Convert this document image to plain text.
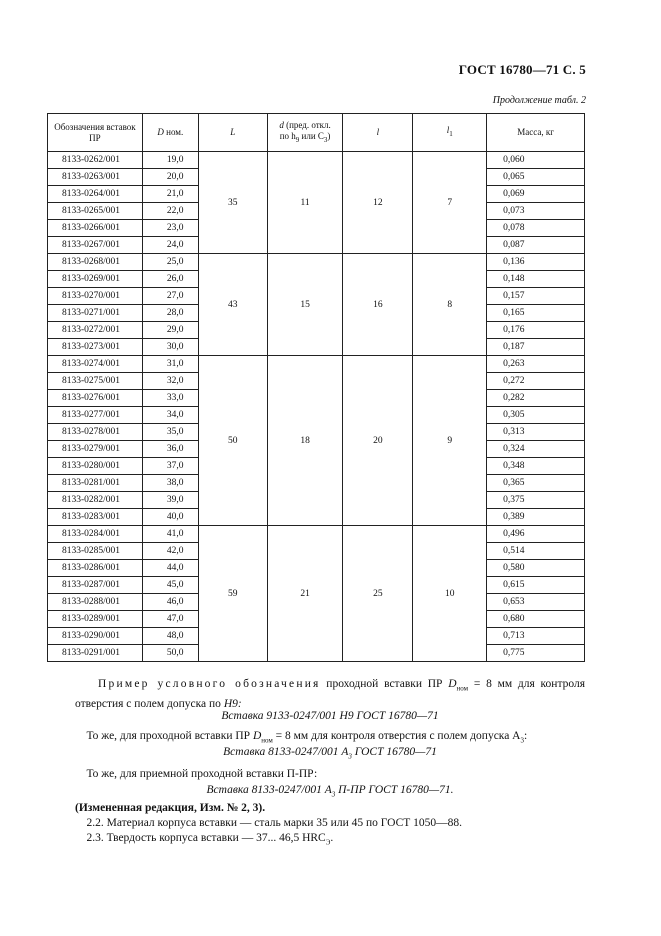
ГОСТ 16780—71 С. 5
Продолжение табл. 2
Обозначения вставок ПР	D ном.	L	d (пред. откл.
по $h_9$ или $С_3$)	l	$l_1$	Масса, кг
8133-0262/001	19,0	35	11	12	7	0,060
8133-0263/001	20,0					0,065
8133-0264/001	21,0					0,069
8133-0265/001	22,0					0,073
8133-0266/001	23,0					0,078
8133-0267/001	24,0					0,087
8133-0268/001	25,0	43	15	16	8	0,136
8133-0269/001	26,0					0,148
8133-0270/001	27,0					0,157
8133-0271/001	28,0					0,165
8133-0272/001	29,0					0,176
8133-0273/001	30,0					0,187
8133-0274/001	31,0	50	18	20	9	0,263
8133-0275/001	32,0					0,272
8133-0276/001	33,0					0,282
8133-0277/001	34,0					0,305
8133-0278/001	35,0					0,313
8133-0279/001	36,0					0,324
8133-0280/001	37,0					0,348
8133-0281/001	38,0					0,365
8133-0282/001	39,0					0,375
8133-0283/001	40,0					0,389
8133-0284/001	41,0	59	21	25	10	0,496
8133-0285/001	42,0					0,514
8133-0286/001	44,0					0,580
8133-0287/001	45,0					0,615
8133-0288/001	46,0					0,653
8133-0289/001	47,0					0,680
8133-0290/001	48,0					0,713
8133-0291/001	50,0					0,775
Пример условного обозначения проходной вставки ПР $D_{ном} = 8$ мм для контроля отверстия с полем допуска по H9:
Вставка 9133-0247/001 H9 ГОСТ 16780—71
То же, для проходной вставки ПР $D_{ном} = 8$ мм для контроля отверстия с полем допуска $А_3$:
Вставка 8133-0247/001 $А_3$ ГОСТ 16780—71
То же, для приемной проходной вставки П-ПР:
Вставка 8133-0247/001 $А_3$ П-ПР ГОСТ 16780—71.
(Измененная редакция, Изм. № 2, 3).
2.2. Материал корпуса вставки — сталь марки 35 или 45 по ГОСТ 1050—88.
2.3. Твердость корпуса вставки — 37... 46,5 $HRC_Э$.
